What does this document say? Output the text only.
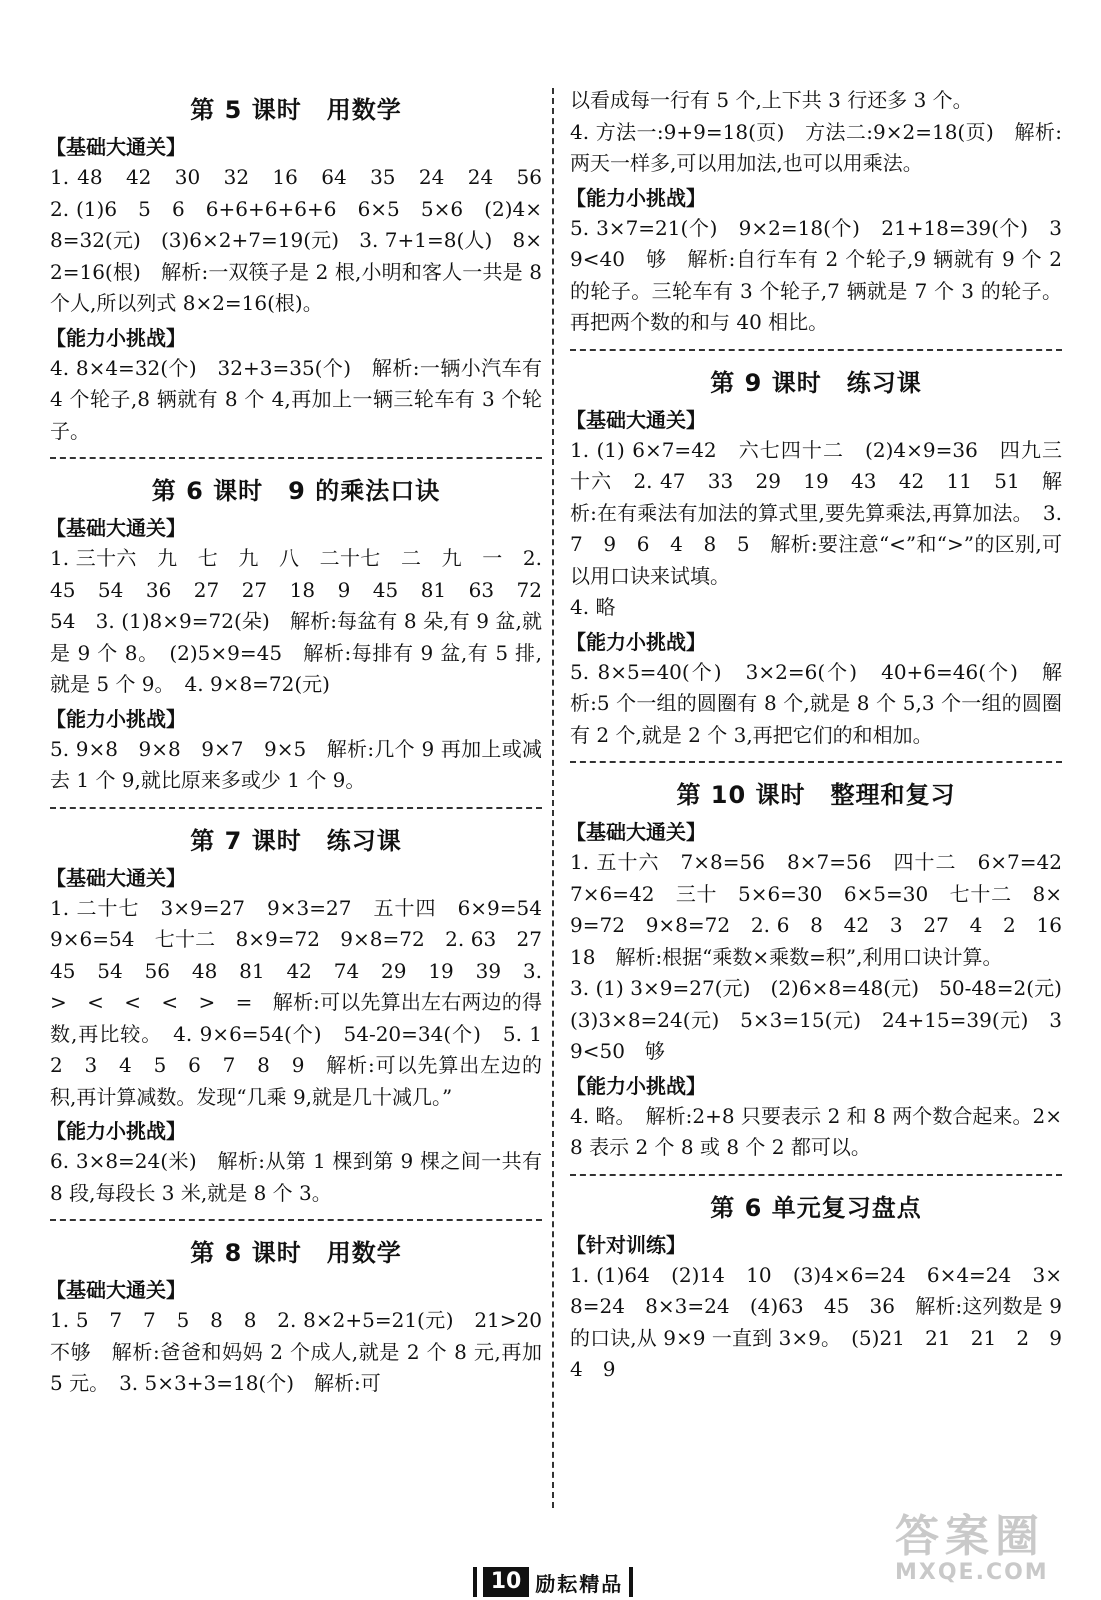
第 5 课时　用数学
【基础大通关】

1. 48　42　30　32　16　64　35　24　24　56　2. (1)6　5　6　6+6+6+6+6　6×5　5×6　(2)4×8=32(元)　(3)6×2+7=19(元)　3. 7+1=8(人)　8×2=16(根)　解析:一双筷子是 2 根,小明和客人一共是 8 个人,所以列式 8×2=16(根)。

【能力小挑战】

4. 8×4=32(个)　32+3=35(个)　解析:一辆小汽车有 4 个轮子,8 辆就有 8 个 4,再加上一辆三轮车有 3 个轮子。

第 6 课时　9 的乘法口诀
【基础大通关】

1. 三十六　九　七　九　八　二十七　二　九　一　2. 45　54　36　27　27　18　9　45　81　63　72　54　3. (1)8×9=72(朵)　解析:每盆有 8 朵,有 9 盆,就是 9 个 8。　(2)5×9=45　解析:每排有 9 盆,有 5 排,就是 5 个 9。　4. 9×8=72(元)

【能力小挑战】

5. 9×8　9×8　9×7　9×5　解析:几个 9 再加上或减去 1 个 9,就比原来多或少 1 个 9。

第 7 课时　练习课
【基础大通关】

1. 二十七　3×9=27　9×3=27　五十四　6×9=54　9×6=54　七十二　8×9=72　9×8=72　2. 63　27　45　54　56　48　81　42　74　29　19　39　3. >　<　<　<　>　=　解析:可以先算出左右两边的得数,再比较。　4. 9×6=54(个)　54-20=34(个)　5. 1　2　3　4　5　6　7　8　9　解析:可以先算出左边的积,再计算减数。发现“几乘 9,就是几十减几。”

【能力小挑战】

6. 3×8=24(米)　解析:从第 1 棵到第 9 棵之间一共有 8 段,每段长 3 米,就是 8 个 3。

第 8 课时　用数学
【基础大通关】

1. 5　7　7　5　8　8　2. 8×2+5=21(元)　21>20　不够　解析:爸爸和妈妈 2 个成人,就是 2 个 8 元,再加 5 元。　3. 5×3+3=18(个)　解析:可

以看成每一行有 5 个,上下共 3 行还多 3 个。

4. 方法一:9+9=18(页)　方法二:9×2=18(页)　解析:两天一样多,可以用加法,也可以用乘法。

【能力小挑战】

5. 3×7=21(个)　9×2=18(个)　21+18=39(个)　39<40　够　解析:自行车有 2 个轮子,9 辆就有 9 个 2 的轮子。三轮车有 3 个轮子,7 辆就是 7 个 3 的轮子。再把两个数的和与 40 相比。

第 9 课时　练习课
【基础大通关】

1. (1) 6×7=42　六七四十二　(2)4×9=36　四九三十六　2. 47　33　29　19　43　42　11　51　解析:在有乘法有加法的算式里,要先算乘法,再算加法。　3. 7　9　6　4　8　5　解析:要注意“<”和“>”的区别,可以用口诀来试填。

4. 略

【能力小挑战】

5. 8×5=40(个)　3×2=6(个)　40+6=46(个)　解析:5 个一组的圆圈有 8 个,就是 8 个 5,3 个一组的圆圈有 2 个,就是 2 个 3,再把它们的和相加。

第 10 课时　整理和复习
【基础大通关】

1. 五十六　7×8=56　8×7=56　四十二　6×7=42　7×6=42　三十　5×6=30　6×5=30　七十二　8×9=72　9×8=72　2. 6　8　42　3　27　4　2　16　18　解析:根据“乘数×乘数=积”,利用口诀计算。

3. (1) 3×9=27(元)　(2)6×8=48(元)　50-48=2(元)　(3)3×8=24(元)　5×3=15(元)　24+15=39(元)　39<50　够

【能力小挑战】

4. 略。　解析:2+8 只要表示 2 和 8 两个数合起来。2×8 表示 2 个 8 或 8 个 2 都可以。

第 6 单元复习盘点
【针对训练】

1. (1)64　(2)14　10　(3)4×6=24　6×4=24　3×8=24　8×3=24　(4)63　45　36　解析:这列数是 9 的口诀,从 9×9 一直到 3×9。　(5)21　21　21　2　9　4　9

10 励耘精品
答案圈
MXQE.COM
